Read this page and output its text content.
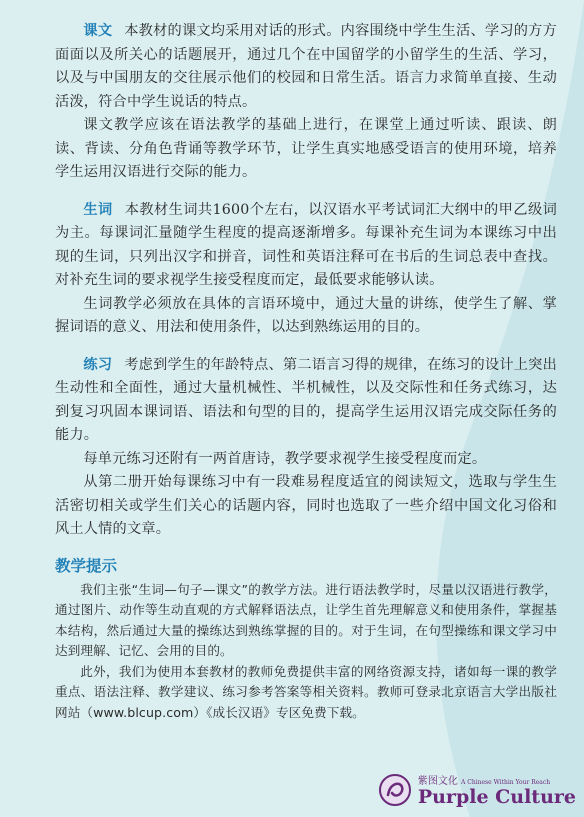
课文 本教材的课文均采用对话的形式。内容围绕中学生生活、学习的方方面面以及所关心的话题展开，通过几个在中国留学的小留学生的生活、学习，以及与中国朋友的交往展示他们的校园和日常生活。语言力求简单直接、生动活泼，符合中学生说话的特点。

课文教学应该在语法教学的基础上进行，在课堂上通过听读、跟读、朗读、背读、分角色背诵等教学环节，让学生真实地感受语言的使用环境，培养学生运用汉语进行交际的能力。

生词 本教材生词共1600个左右，以汉语水平考试词汇大纲中的甲乙级词为主。每课词汇量随学生程度的提高逐渐增多。每课补充生词为本课练习中出现的生词，只列出汉字和拼音，词性和英语注释可在书后的生词总表中查找。对补充生词的要求视学生接受程度而定，最低要求能够认读。

生词教学必须放在具体的言语环境中，通过大量的讲练，使学生了解、掌握词语的意义、用法和使用条件，以达到熟练运用的目的。

练习 考虑到学生的年龄特点、第二语言习得的规律，在练习的设计上突出生动性和全面性，通过大量机械性、半机械性，以及交际性和任务式练习，达到复习巩固本课词语、语法和句型的目的，提高学生运用汉语完成交际任务的能力。

每单元练习还附有一两首唐诗，教学要求视学生接受程度而定。

从第二册开始每课练习中有一段难易程度适宜的阅读短文，选取与学生生活密切相关或学生们关心的话题内容，同时也选取了一些介绍中国文化习俗和风土人情的文章。

教学提示

我们主张“生词—句子—课文”的教学方法。进行语法教学时，尽量以汉语进行教学，通过图片、动作等生动直观的方式解释语法点，让学生首先理解意义和使用条件，掌握基本结构，然后通过大量的操练达到熟练掌握的目的。对于生词，在句型操练和课文学习中达到理解、记忆、会用的目的。

此外，我们为使用本套教材的教师免费提供丰富的网络资源支持，诸如每一课的教学重点、语法注释、教学建议、练习参考答案等相关资料。教师可登录北京语言大学出版社网站（www.blcup.com）《成长汉语》专区免费下载。

紫图文化 A Chinese Within Your Reach
Purple Culture
